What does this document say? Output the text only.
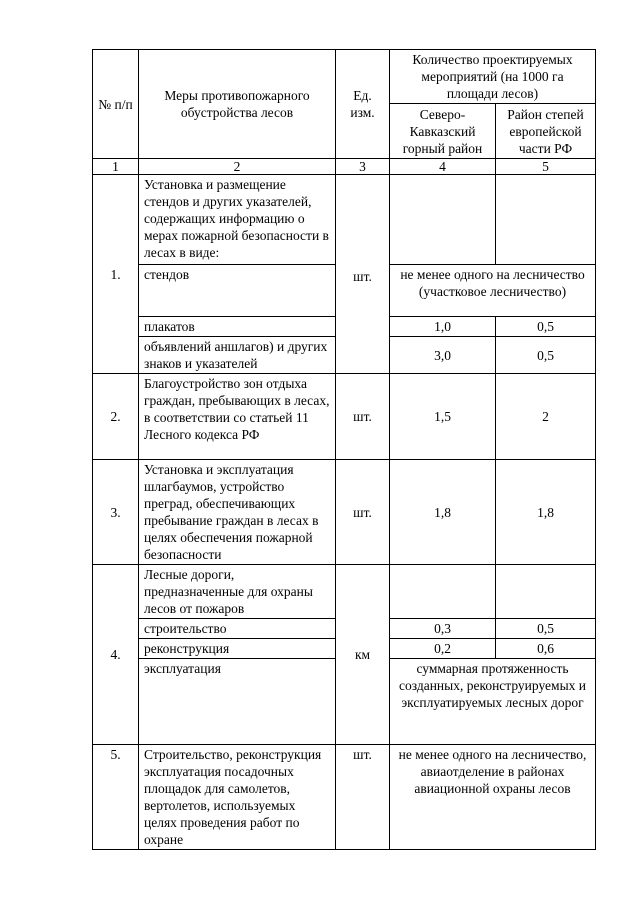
№ п/п	Меры противопожарного обустройства лесов	Ед. изм.	Количество проектируемых мероприятий (на 1000 га площади лесов)	
			Северо-Кавказский горный район	Район степей европейской части РФ
1	2	3	4	5
1.	Установка и размещение стендов и других указателей, содержащих информацию о мерах пожарной безопасности в лесах в виде:	шт.		
	стендов		не менее одного на лесничество (участковое лесничество)	
	плакатов		1,0	0,5
	объявлений аншлагов) и других знаков и указателей		3,0	0,5
2.	Благоустройство зон отдыха граждан, пребывающих в лесах, в соответствии со статьей 11 Лесного кодекса РФ	шт.	1,5	2
3.	Установка и эксплуатация шлагбаумов, устройство преград, обеспечивающих пребывание граждан в лесах в целях обеспечения пожарной безопасности	шт.	1,8	1,8
4.	Лесные дороги, предназначенные для охраны лесов от пожаров	км		
	строительство		0,3	0,5
	реконструкция		0,2	0,6
	эксплуатация		суммарная протяженность созданных, реконструируемых и эксплуатируемых лесных дорог	
5.	Строительство, реконструкция эксплуатация посадочных площадок для самолетов, вертолетов, используемых целях проведения работ по охране	шт.	не менее одного на лесничество, авиаотделение в районах авиационной охраны лесов	
